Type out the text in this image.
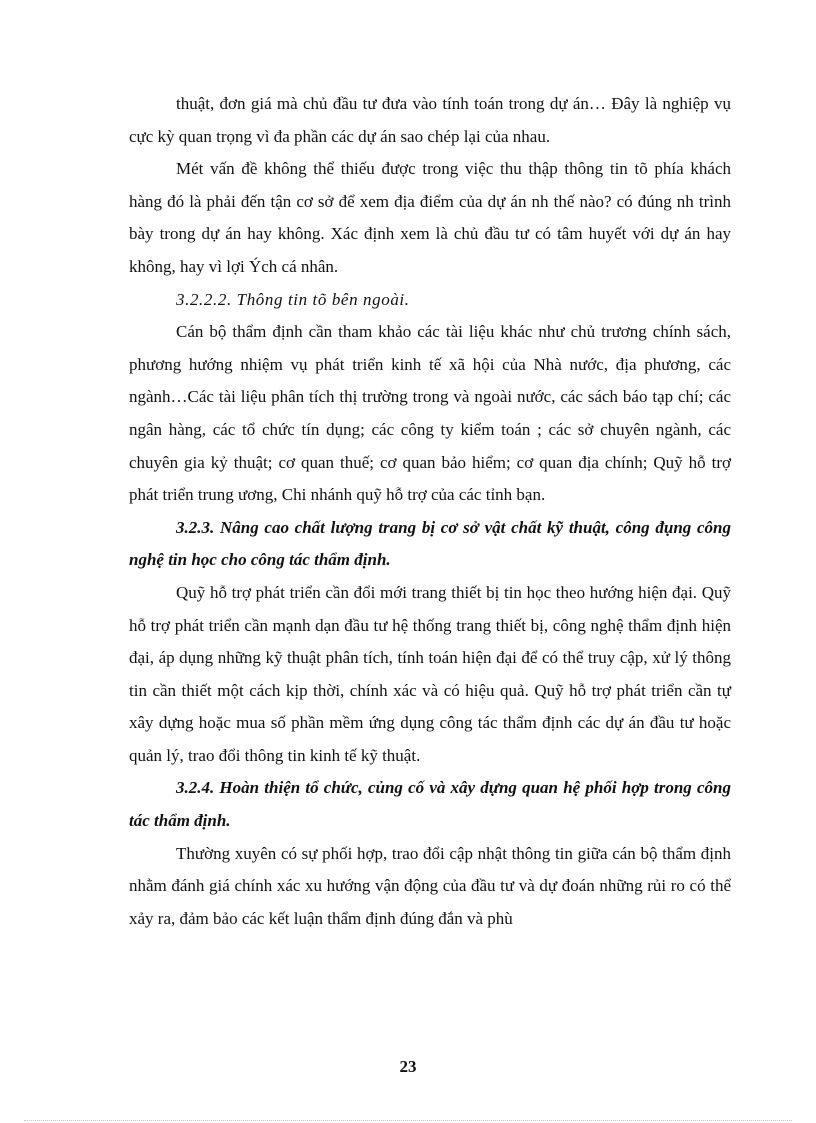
thuật, đơn giá mà chủ đầu tư đưa vào tính toán trong dự án… Đây là nghiệp vụ cực kỳ quan trọng vì đa phần các dự án sao chép lại của nhau.

Mét vấn đề không thể thiếu được trong việc thu thập thông tin tõ phía khách hàng đó là phải đến tận cơ sở để xem địa điểm của dự án nh thế nào? có đúng nh trình bày trong dự án hay không. Xác định xem là chủ đầu tư có tâm huyết với dự án hay không, hay vì lợi Ých cá nhân.

3.2.2.2. Thông tin tõ bên ngoài.

Cán bộ thẩm định cần tham khảo các tài liệu khác như chủ trương chính sách, phương hướng nhiệm vụ phát triển kinh tế xã hội của Nhà nước, địa phương, các ngành…Các tài liệu phân tích thị trường trong và ngoài nước, các sách báo tạp chí; các ngân hàng, các tổ chức tín dụng; các công ty kiểm toán ; các sở chuyên ngành, các chuyên gia kỷ thuật; cơ quan thuế; cơ quan bảo hiểm; cơ quan địa chính; Quỹ hỗ trợ phát triển trung ương, Chi nhánh quỹ hỗ trợ của các tỉnh bạn.

3.2.3. Nâng cao chất lượng trang bị cơ sở vật chất kỹ thuật, công đụng công nghệ tin học cho công tác thẩm định.

Quỹ hỗ trợ phát triển cần đổi mới trang thiết bị tin học theo hướng hiện đại. Quỹ hỗ trợ phát triển cần mạnh dạn đầu tư hệ thống trang thiết bị, công nghệ thẩm định hiện đại, áp dụng những kỹ thuật phân tích, tính toán hiện đại để có thể truy cập, xử lý thông tin cần thiết một cách kịp thời, chính xác và có hiệu quả. Quỹ hỗ trợ phát triển cần tự xây dựng hoặc mua số phần mềm ứng dụng công tác thẩm định các dự án đầu tư hoặc quản lý, trao đổi thông tin kinh tế kỹ thuật.

3.2.4. Hoàn thiện tổ chức, củng cố và xây dựng quan hệ phối hợp trong công tác thẩm định.

Thường xuyên có sự phối hợp, trao đổi cập nhật thông tin giữa cán bộ thẩm định nhằm đánh giá chính xác xu hướng vận động của đầu tư và dự đoán những rủi ro có thể xảy ra, đảm bảo các kết luận thẩm định đúng đắn và phù

23
